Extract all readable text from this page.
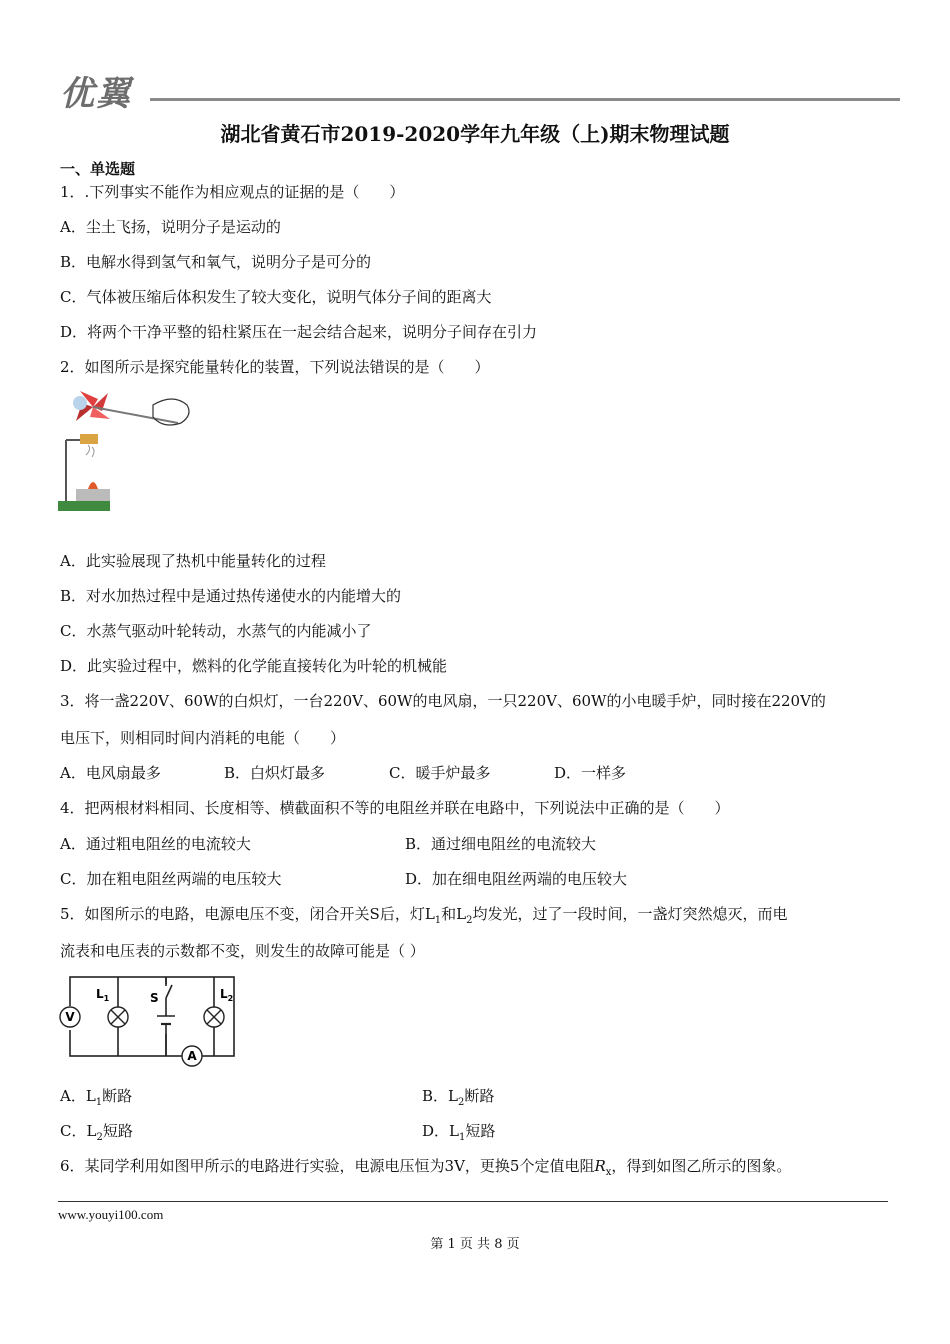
优翼
湖北省黄石市2019-2020学年九年级（上)期末物理试题
一、单选题
1．.下列事实不能作为相应观点的证据的是（　　）
A．尘土飞扬，说明分子是运动的
B．电解水得到氢气和氧气，说明分子是可分的
C．气体被压缩后体积发生了较大变化，说明气体分子间的距离大
D．将两个干净平整的铅柱紧压在一起会结合起来，说明分子间存在引力
2．如图所示是探究能量转化的装置，下列说法错误的是（　　）
A．此实验展现了热机中能量转化的过程
B．对水加热过程中是通过热传递使水的内能增大的
C．水蒸气驱动叶轮转动，水蒸气的内能减小了
D．此实验过程中，燃料的化学能直接转化为叶轮的机械能
3．将一盏220V、60W的白炽灯，一台220V、60W的电风扇，一只220V、60W的小电暖手炉，同时接在220V的
电压下，则相同时间内消耗的电能（　　）
A．电风扇最多	B．白炽灯最多	C．暖手炉最多	D．一样多
4．把两根材料相同、长度相等、横截面积不等的电阻丝并联在电路中，下列说法中正确的是（　　）
A．通过粗电阻丝的电流较大	B．通过细电阻丝的电流较大
C．加在粗电阻丝两端的电压较大	D．加在细电阻丝两端的电压较大
5．如图所示的电路，电源电压不变，闭合开关S后，灯$L_1$和$L_2$均发光，过了一段时间，一盏灯突然熄灭，而电
流表和电压表的示数都不变，则发生的故障可能是（ ）
V
$L_1$	S	$L_2$
A
A．$L_1$断路	B．$L_2$断路
C．$L_2$短路	D．$L_1$短路
6．某同学利用如图甲所示的电路进行实验，电源电压恒为3V，更换5个定值电阻$R_x$，得到如图乙所示的图象。
www.youyi100.com
第 1 页 共 8 页
